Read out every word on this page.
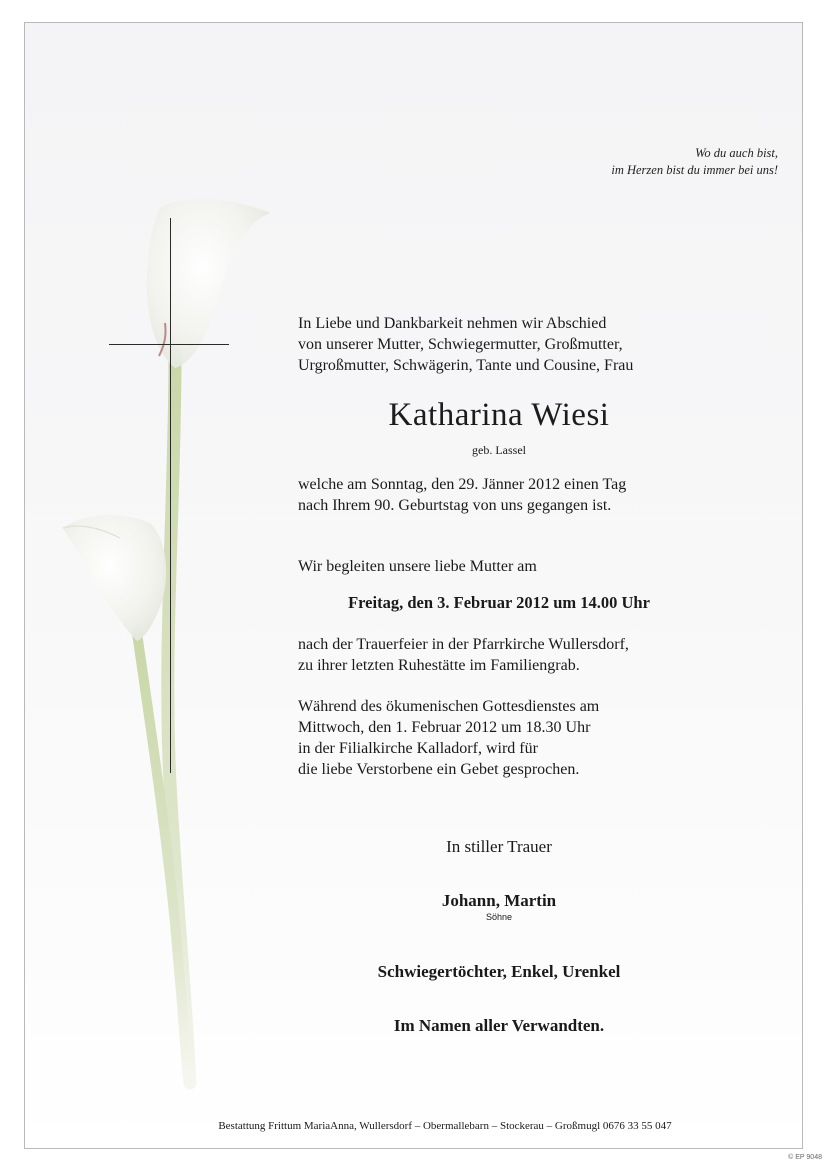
Wo du auch bist,
im Herzen bist du immer bei uns!
In Liebe und Dankbarkeit nehmen wir Abschied
von unserer Mutter, Schwiegermutter, Großmutter,
Urgroßmutter, Schwägerin, Tante und Cousine, Frau
Katharina Wiesi
geb. Lassel
welche am Sonntag, den 29. Jänner 2012 einen Tag
nach Ihrem 90. Geburtstag von uns gegangen ist.
Wir begleiten unsere liebe Mutter am
Freitag, den 3. Februar 2012 um 14.00 Uhr
nach der Trauerfeier in der Pfarrkirche Wullersdorf,
zu ihrer letzten Ruhestätte im Familiengrab.
Während des ökumenischen Gottesdienstes am
Mittwoch, den 1. Februar 2012 um 18.30 Uhr
in der Filialkirche Kalladorf, wird für
die liebe Verstorbene ein Gebet gesprochen.
In stiller Trauer
Johann, Martin
Söhne
Schwiegertöchter, Enkel, Urenkel
Im Namen aller Verwandten.
Bestattung Frittum MariaAnna, Wullersdorf – Obermallebarn – Stockerau – Großmugl 0676 33 55 047
© EP 9048
